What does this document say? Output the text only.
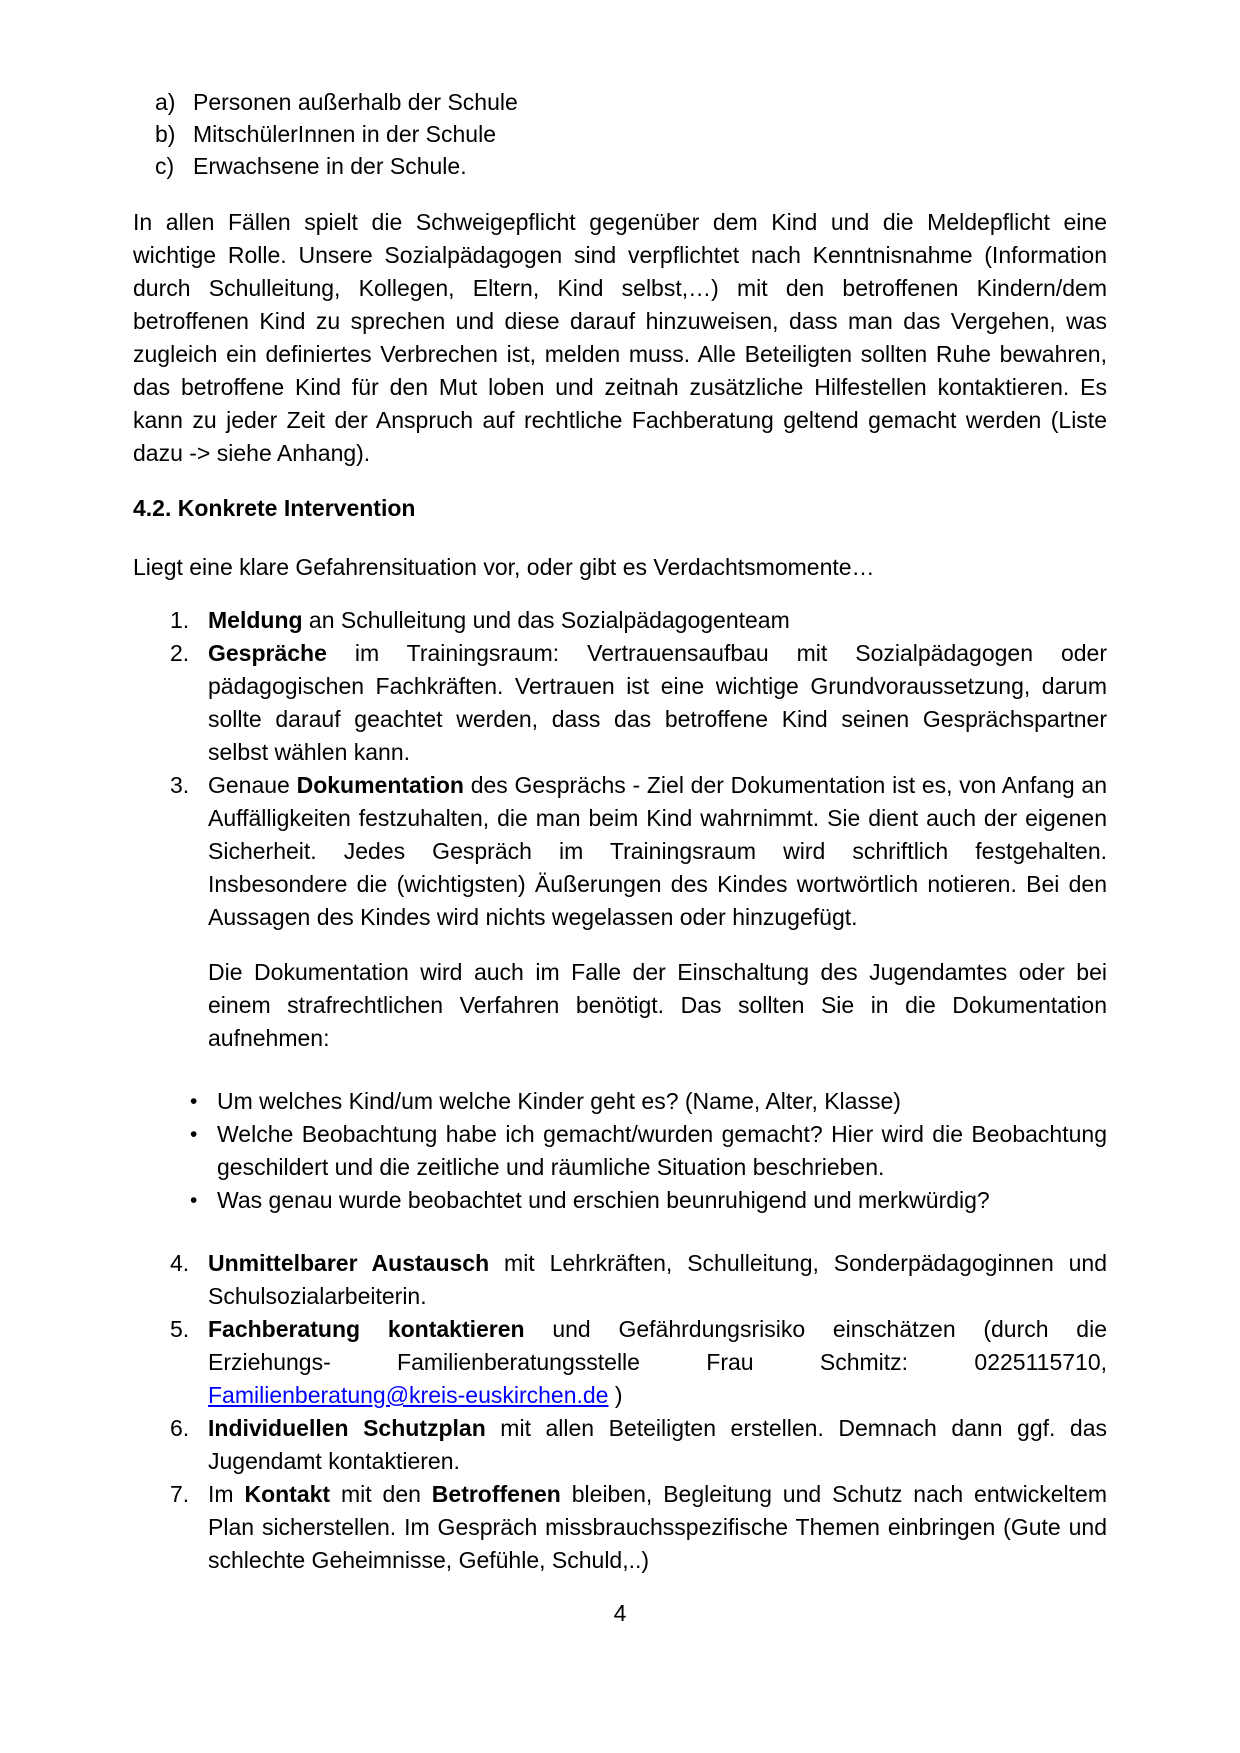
a) Personen außerhalb der Schule
b) MitschülerInnen in der Schule
c) Erwachsene in der Schule.

In allen Fällen spielt die Schweigepflicht gegenüber dem Kind und die Meldepflicht eine wichtige Rolle. Unsere Sozialpädagogen sind verpflichtet nach Kenntnisnahme (Information durch Schulleitung, Kollegen, Eltern, Kind selbst,…) mit den betroffenen Kindern/dem betroffenen Kind zu sprechen und diese darauf hinzuweisen, dass man das Vergehen, was zugleich ein definiertes Verbrechen ist, melden muss. Alle Beteiligten sollten Ruhe bewahren, das betroffene Kind für den Mut loben und zeitnah zusätzliche Hilfestellen kontaktieren. Es kann zu jeder Zeit der Anspruch auf rechtliche Fachberatung geltend gemacht werden (Liste dazu -> siehe Anhang).

4.2. Konkrete Intervention

Liegt eine klare Gefahrensituation vor, oder gibt es Verdachtsmomente…

1. Meldung an Schulleitung und das Sozialpädagogenteam
2. Gespräche im Trainingsraum: Vertrauensaufbau mit Sozialpädagogen oder pädagogischen Fachkräften. Vertrauen ist eine wichtige Grundvoraussetzung, darum sollte darauf geachtet werden, dass das betroffene Kind seinen Gesprächspartner selbst wählen kann.
3. Genaue Dokumentation des Gesprächs - Ziel der Dokumentation ist es, von Anfang an Auffälligkeiten festzuhalten, die man beim Kind wahrnimmt. Sie dient auch der eigenen Sicherheit. Jedes Gespräch im Trainingsraum wird schriftlich festgehalten. Insbesondere die (wichtigsten) Äußerungen des Kindes wortwörtlich notieren. Bei den Aussagen des Kindes wird nichts wegelassen oder hinzugefügt.

Die Dokumentation wird auch im Falle der Einschaltung des Jugendamtes oder bei einem strafrechtlichen Verfahren benötigt. Das sollten Sie in die Dokumentation aufnehmen:

• Um welches Kind/um welche Kinder geht es? (Name, Alter, Klasse)
• Welche Beobachtung habe ich gemacht/wurden gemacht? Hier wird die Beobachtung geschildert und die zeitliche und räumliche Situation beschrieben.
• Was genau wurde beobachtet und erschien beunruhigend und merkwürdig?
4. Unmittelbarer Austausch mit Lehrkräften, Schulleitung, Sonderpädagoginnen und Schulsozialarbeiterin.
5. Fachberatung kontaktieren und Gefährdungsrisiko einschätzen (durch die Erziehungs- Familienberatungsstelle Frau Schmitz: 0225115710, Familienberatung@kreis-euskirchen.de )
6. Individuellen Schutzplan mit allen Beteiligten erstellen. Demnach dann ggf. das Jugendamt kontaktieren.
7. Im Kontakt mit den Betroffenen bleiben, Begleitung und Schutz nach entwickeltem Plan sicherstellen. Im Gespräch missbrauchsspezifische Themen einbringen (Gute und schlechte Geheimnisse, Gefühle, Schuld,..)
4
